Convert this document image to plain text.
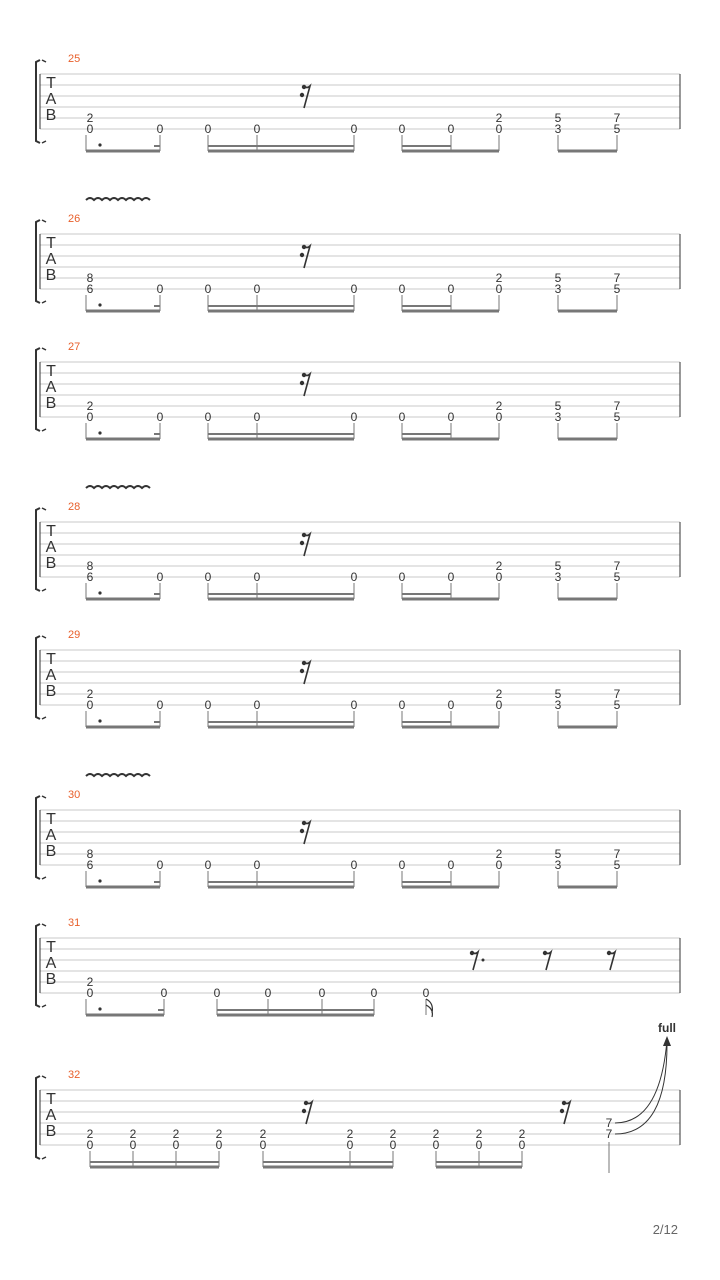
T
A
B
25
2
0	0	0	0	0	0	0
2
0
5
3
7
5
T
A
B
26
8
6	0	0	0	0	0	0
2
0
5
3
7
5
T
A
B
27
2
0	0	0	0	0	0	0
2
0
5
3
7
5
T
A
B
28
8
6	0	0	0	0	0	0
2
0
5
3
7
5
T
A
B
29
2
0	0	0	0	0	0	0
2
0
5
3
7
5
T
A
B
30
8
6	0	0	0	0	0	0
2
0
5
3
7
5
T
A
B
31
2
0	0	0	0	0	0	0
T
A
B
32
2
0
2
0
2
0
2
0
2
0
2
0
2
0
2
0
2
0
2
0
7
7
full
2/12
